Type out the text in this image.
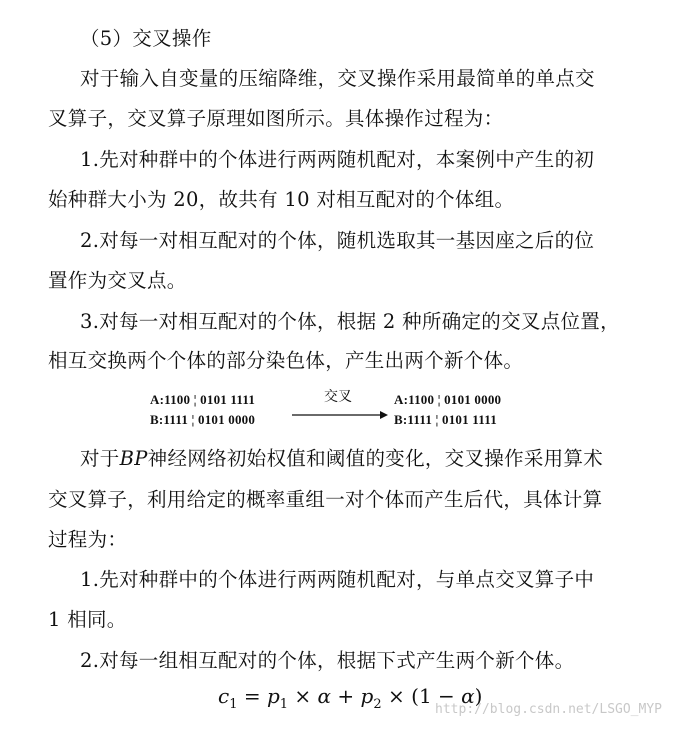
（5）交叉操作
对于输入自变量的压缩降维，交叉操作采用最简单的单点交
叉算子，交叉算子原理如图所示。具体操作过程为：
1.先对种群中的个体进行两两随机配对，本案例中产生的初
始种群大小为 20，故共有 10 对相互配对的个体组。
2.对每一对相互配对的个体，随机选取其一基因座之后的位
置作为交叉点。
3.对每一对相互配对的个体，根据 2 种所确定的交叉点位置，
相互交换两个个体的部分染色体，产生出两个新个体。
A:1100 ¦ 0101 1111
B:1111 ¦ 0101 0000
交叉	A:1100 ¦ 0101 0000
B:1111 ¦ 0101 1111
对于BP神经网络初始权值和阈值的变化，交叉操作采用算术
交叉算子，利用给定的概率重组一对个体而产生后代，具体计算
过程为：
1.先对种群中的个体进行两两随机配对，与单点交叉算子中
1 相同。
2.对每一组相互配对的个体，根据下式产生两个新个体。
$c_1 = p_1 \times \alpha + p_2 \times (1 - \alpha)$
http://blog.csdn.net/LSGO_MYP
